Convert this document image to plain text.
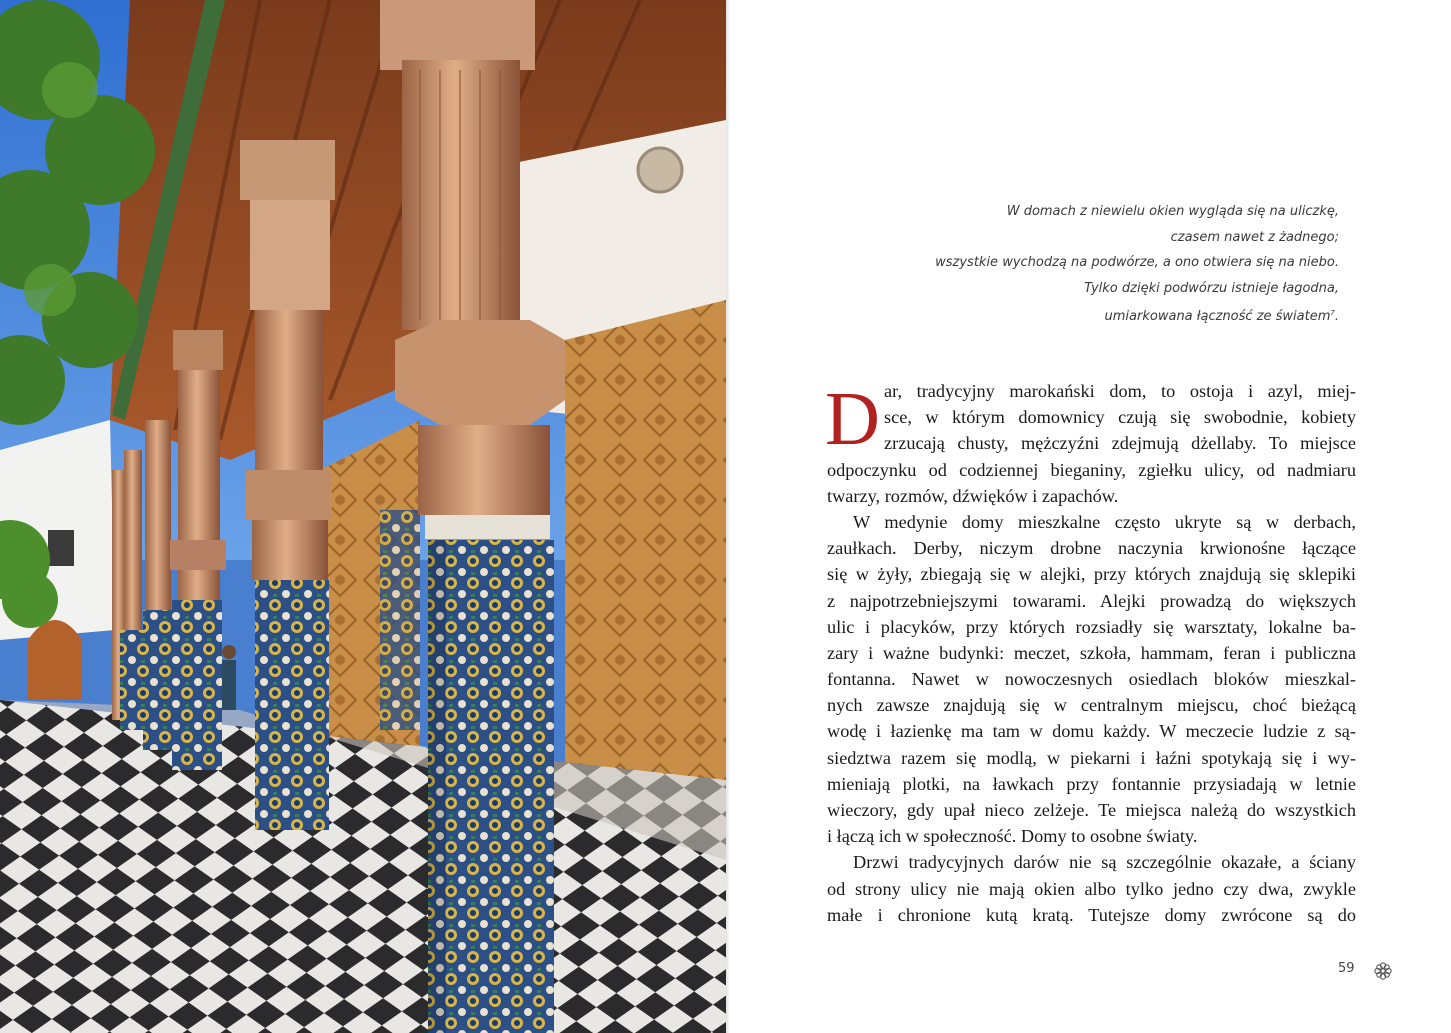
W domach z niewielu okien wygląda się na uliczkę,
czasem nawet z żadnego;
wszystkie wychodzą na podwórze, a ono otwiera się na niebo.
Tylko dzięki podwórzu istnieje łagodna,
umiarkowana łączność ze światem$^7$.
D ar, tradycyjny marokański dom, to ostoja i azyl, miej-
sce, w którym domownicy czują się swobodnie, kobiety
zrzucają chusty, mężczyźni zdejmują dżellaby. To miejsce
odpoczynku od codziennej bieganiny, zgiełku ulicy, od nadmiaru
twarzy, rozmów, dźwięków i zapachów.
W medynie domy mieszkalne często ukryte są w derbach,
zaułkach. Derby, niczym drobne naczynia krwionośne łączące
się w żyły, zbiegają się w alejki, przy których znajdują się sklepiki
z najpotrzebniejszymi towarami. Alejki prowadzą do większych
ulic i placyków, przy których rozsiadły się warsztaty, lokalne ba-
zary i ważne budynki: meczet, szkoła, hammam, feran i publiczna
fontanna. Nawet w nowoczesnych osiedlach bloków mieszkal-
nych zawsze znajdują się w centralnym miejscu, choć bieżącą
wodę i łazienkę ma tam w domu każdy. W meczecie ludzie z są-
siedztwa razem się modlą, w piekarni i łaźni spotykają się i wy-
mieniają plotki, na ławkach przy fontannie przysiadają w letnie
wieczory, gdy upał nieco zelżeje. Te miejsca należą do wszystkich
i łączą ich w społeczność. Domy to osobne światy.
Drzwi tradycyjnych darów nie są szczególnie okazałe, a ściany
od strony ulicy nie mają okien albo tylko jedno czy dwa, zwykle
małe i chronione kutą kratą. Tutejsze domy zwrócone są do
59
